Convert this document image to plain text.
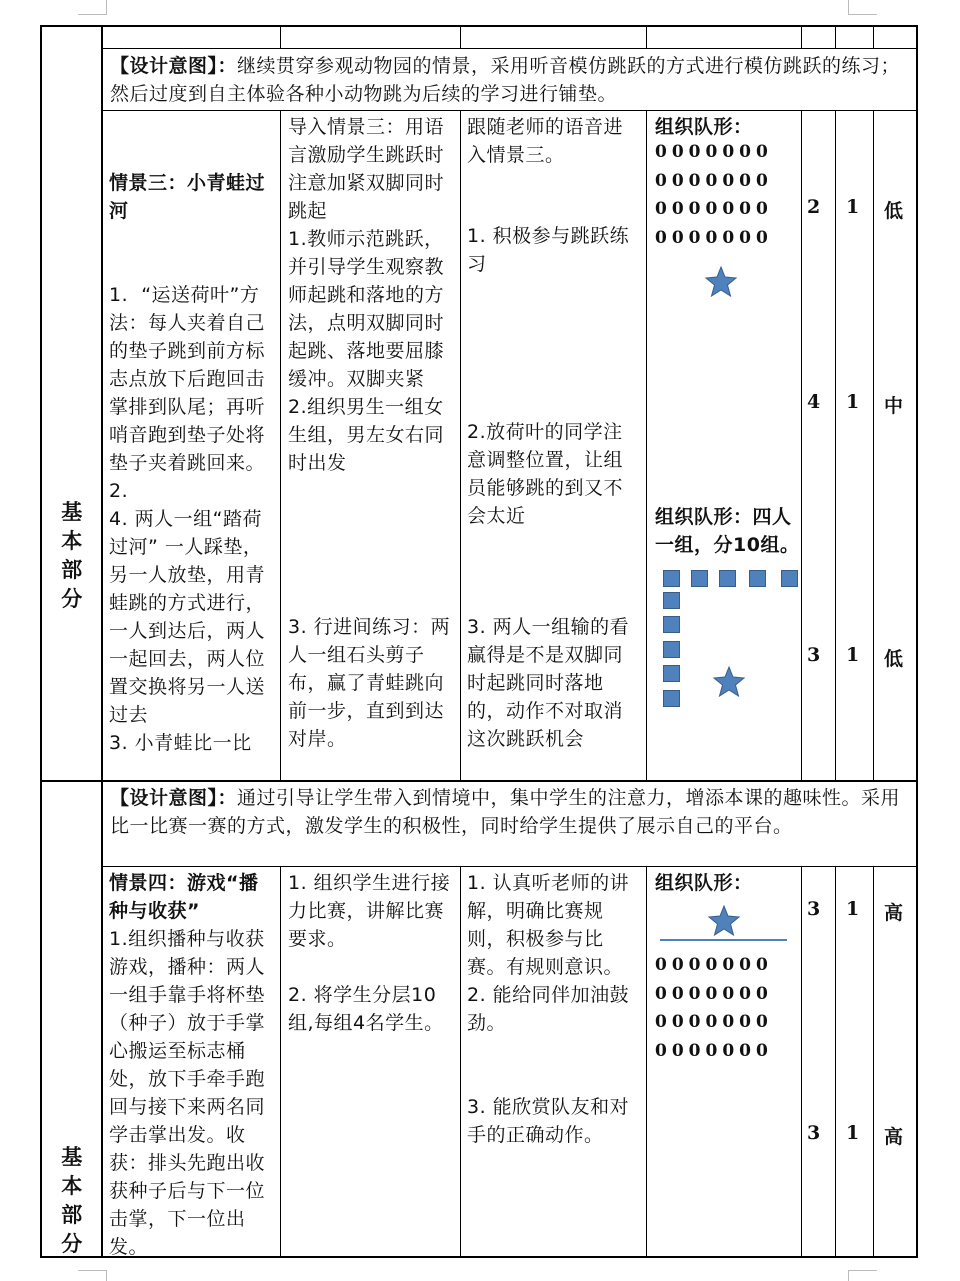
基本部分
基本部分
【设计意图】：继续贯穿参观动物园的情景，采用听音模仿跳跃的方式进行模仿跳跃的练习；然后过度到自主体验各种小动物跳为后续的学习进行铺垫。

情景三：小青蛙过河

1.  “运送荷叶”方法：每人夹着自己的垫子跳到前方标志点放下后跑回击掌排到队尾；再听哨音跑到垫子处将垫子夹着跳回来。
2.
4. 两人一组“踏荷过河” 一人踩垫，另一人放垫，用青蛙跳的方式进行，一人到达后，两人一起回去，两人位置交换将另一人送过去
3. 小青蛙比一比

导入情景三：用语言激励学生跳跃时注意加紧双脚同时跳起
1.教师示范跳跃，并引导学生观察教师起跳和落地的方法，点明双脚同时起跳、落地要屈膝缓冲。双脚夹紧
2.组织男生一组女生组，男左女右同时出发
3. 行进间练习：两人一组石头剪子布，赢了青蛙跳向前一步，直到到达对岸。
跟随老师的语音进入情景三。
1. 积极参与跳跃练习
2.放荷叶的同学注意调整位置，让组员能够跳的到又不会太近
3. 两人一组输的看赢得是不是双脚同时起跳同时落地的，动作不对取消这次跳跃机会
组织队形：
0000000
0000000
0000000
0000000
组织队形：四人一组，分10组。
2 1 低
4 1 中
3 1 低
【设计意图】：通过引导让学生带入到情境中，集中学生的注意力，增添本课的趣味性。采用比一比赛一赛的方式，激发学生的积极性，同时给学生提供了展示自己的平台。
情景四：游戏“播种与收获”
1.组织播种与收获游戏，播种：两人一组手靠手将杯垫（种子）放于手掌心搬运至标志桶处，放下手牵手跑回与接下来两名同学击掌出发。收获：排头先跑出收获种子后与下一位击掌，下一位出发。
1. 组织学生进行接力比赛，讲解比赛要求。

2. 将学生分层10组,每组4名学生。
1. 认真听老师的讲解，明确比赛规则，积极参与比赛。有规则意识。
2. 能给同伴加油鼓劲。
3. 能欣赏队友和对手的正确动作。
组织队形：
0000000
0000000
0000000
0000000
3 1 高
3 1 高
